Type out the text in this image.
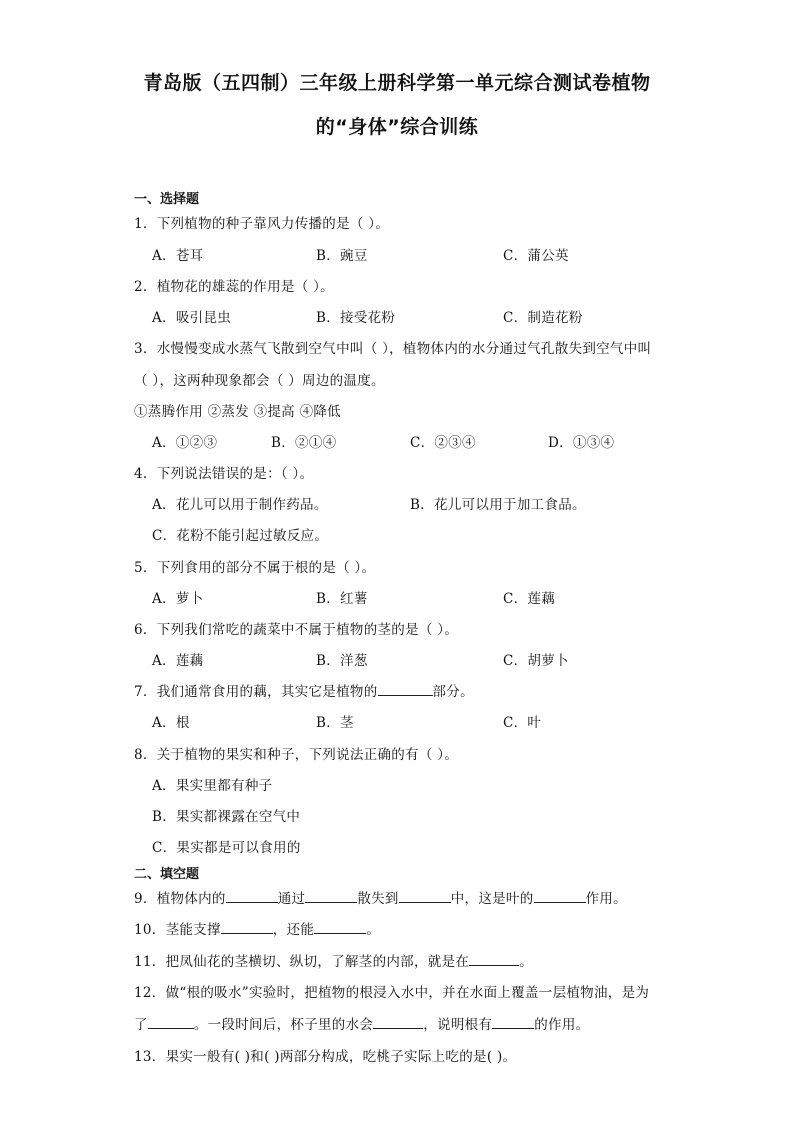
青岛版（五四制）三年级上册科学第一单元综合测试卷植物
的“身体”综合训练
一、选择题
1．下列植物的种子靠风力传播的是（ ）。
A．苍耳	B．豌豆	C．蒲公英
2．植物花的雄蕊的作用是（ ）。
A．吸引昆虫	B．接受花粉	C．制造花粉
3．水慢慢变成水蒸气飞散到空气中叫（ ），植物体内的水分通过气孔散失到空气中叫
（ ），这两种现象都会（ ）周边的温度。
①蒸腾作用 ②蒸发 ③提高 ④降低
A．①②③	B．②①④	C．②③④	D．①③④
4．下列说法错误的是：（ ）。
A．花儿可以用于制作药品。	B．花儿可以用于加工食品。
C．花粉不能引起过敏反应。
5．下列食用的部分不属于根的是（ ）。
A．萝卜	B．红薯	C．莲藕
6．下列我们常吃的蔬菜中不属于植物的茎的是（ ）。
A．莲藕	B．洋葱	C．胡萝卜
7．我们通常食用的藕，其实它是植物的	部分。
A．根	B．茎	C．叶
8．关于植物的果实和种子，下列说法正确的有（ ）。
A．果实里都有种子
B．果实都裸露在空气中
C．果实都是可以食用的
二、填空题
9．植物体内的	通过	散失到	中，这是叶的	作用。
10．茎能支撑	，还能	。
11．把凤仙花的茎横切、纵切，了解茎的内部，就是在	。
12．做“根的吸水”实验时，把植物的根浸入水中，并在水面上覆盖一层植物油，是为
了	。一段时间后，杯子里的水会	，说明根有	的作用。
13．果实一般有( )和( )两部分构成，吃桃子实际上吃的是( )。
